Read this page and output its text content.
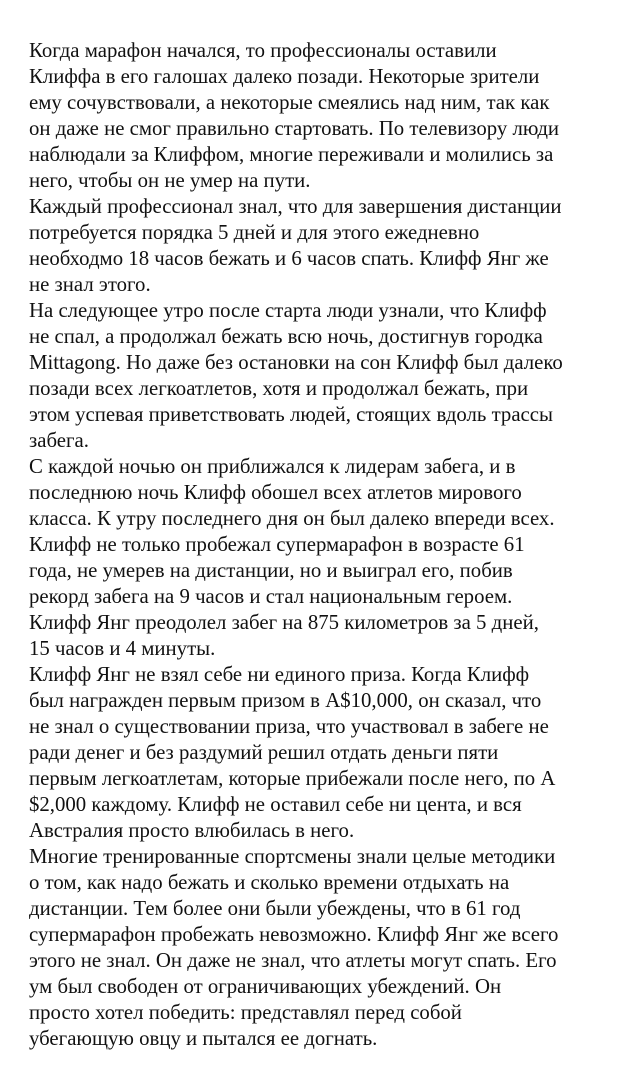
Когда марафон начался, то профессионалы оставили
Клиффа в его галошах далеко позади. Некоторые зрители
ему сочувствовали, а некоторые смеялись над ним, так как
он даже не смог правильно стартовать. По телевизору люди
наблюдали за Клиффом, многие переживали и молились за
него, чтобы он не умер на пути.
Каждый профессионал знал, что для завершения дистанции
потребуется порядка 5 дней и для этого ежедневно
необходмо 18 часов бежать и 6 часов спать. Клифф Янг же
не знал этого.
На следующее утро после старта люди узнали, что Клифф
не спал, а продолжал бежать всю ночь, достигнув городка
Mittagong. Но даже без остановки на сон Клифф был далеко
позади всех легкоатлетов, хотя и продолжал бежать, при
этом успевая приветствовать людей, стоящих вдоль трассы
забега.
С каждой ночью он приближался к лидерам забега, и в
последнюю ночь Клифф обошел всех атлетов мирового
класса. К утру последнего дня он был далеко впереди всех.
Клифф не только пробежал супермарафон в возрасте 61
года, не умерев на дистанции, но и выиграл его, побив
рекорд забега на 9 часов и стал национальным героем.
Клифф Янг преодолел забег на 875 километров за 5 дней,
15 часов и 4 минуты.
Клифф Янг не взял себе ни единого приза. Когда Клифф
был награжден первым призом в A$10,000, он сказал, что
не знал о существовании приза, что участвовал в забеге не
ради денег и без раздумий решил отдать деньги пяти
первым легкоатлетам, которые прибежали после него, по A
$2,000 каждому. Клифф не оставил себе ни цента, и вся
Австралия просто влюбилась в него.
Многие тренированные спортсмены знали целые методики
о том, как надо бежать и сколько времени отдыхать на
дистанции. Тем более они были убеждены, что в 61 год
супермарафон пробежать невозможно. Клифф Янг же всего
этого не знал. Он даже не знал, что атлеты могут спать. Его
ум был свободен от ограничивающих убеждений. Он
просто хотел победить: представлял перед собой
убегающую овцу и пытался ее догнать.
